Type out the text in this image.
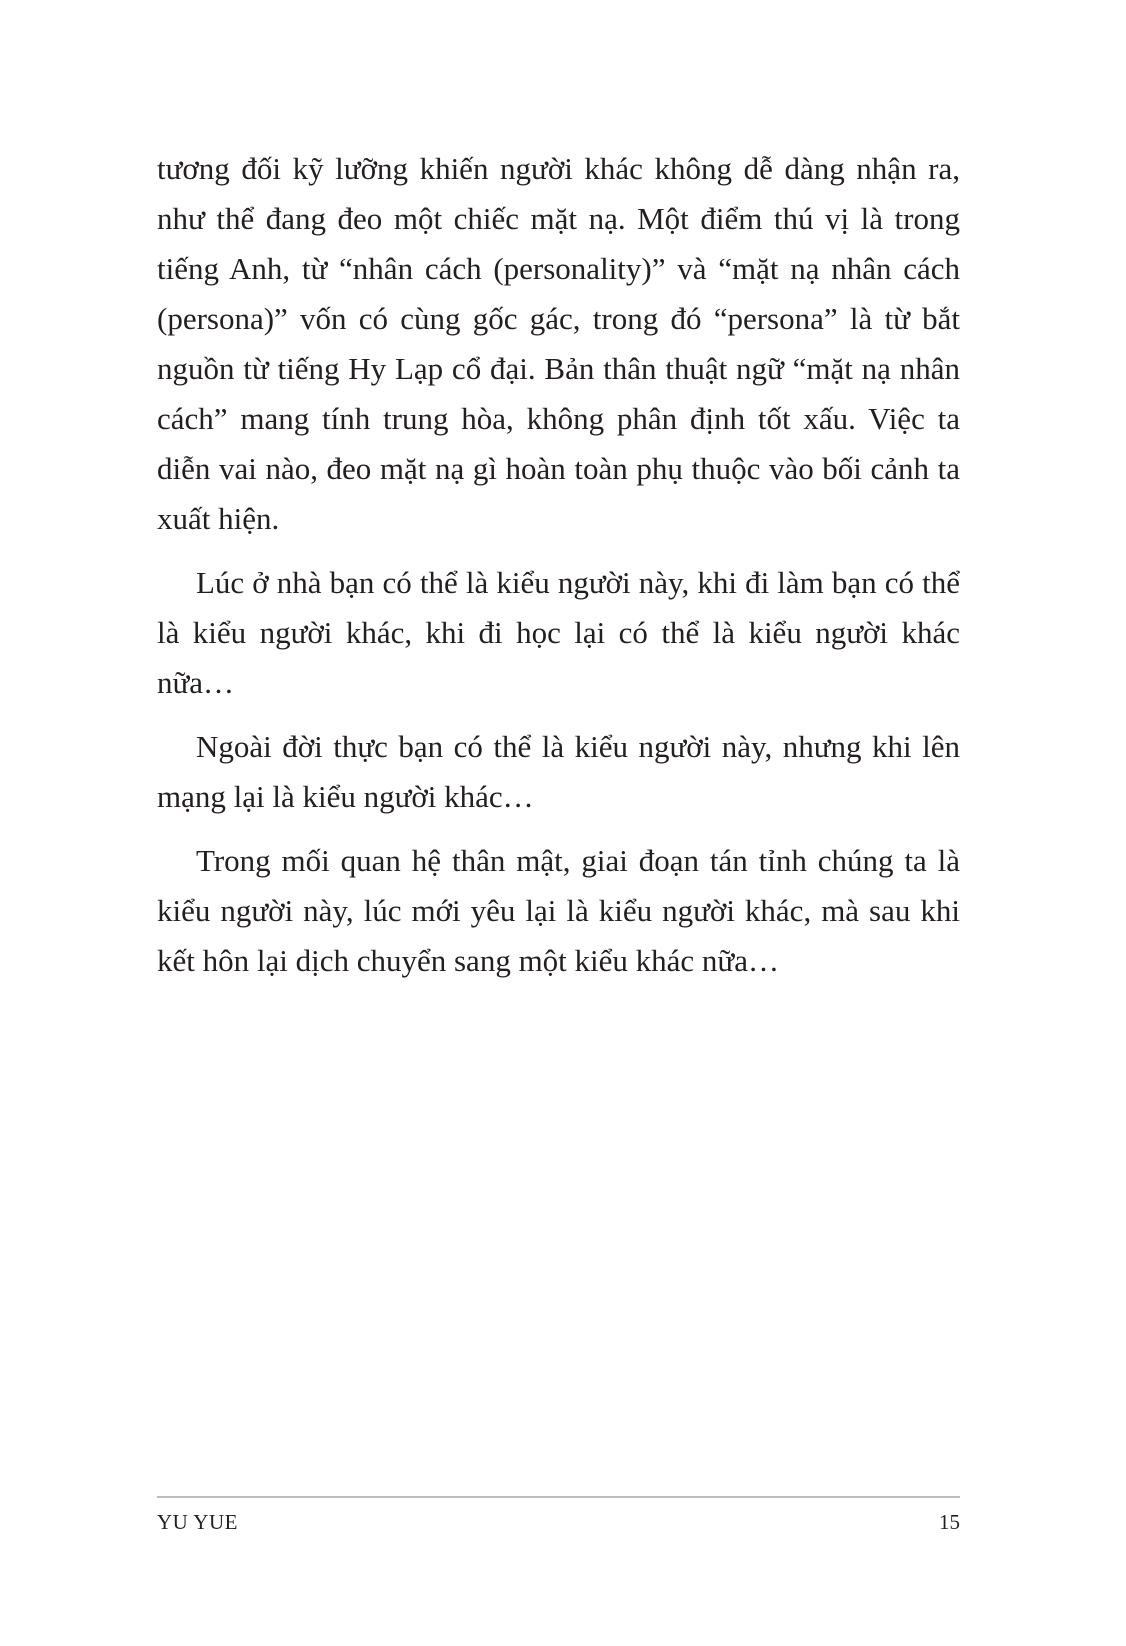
tương đối kỹ lưỡng khiến người khác không dễ dàng nhận ra, như thể đang đeo một chiếc mặt nạ. Một điểm thú vị là trong tiếng Anh, từ “nhân cách (personality)” và “mặt nạ nhân cách (persona)” vốn có cùng gốc gác, trong đó “persona” là từ bắt nguồn từ tiếng Hy Lạp cổ đại. Bản thân thuật ngữ “mặt nạ nhân cách” mang tính trung hòa, không phân định tốt xấu. Việc ta diễn vai nào, đeo mặt nạ gì hoàn toàn phụ thuộc vào bối cảnh ta xuất hiện.

Lúc ở nhà bạn có thể là kiểu người này, khi đi làm bạn có thể là kiểu người khác, khi đi học lại có thể là kiểu người khác nữa…

Ngoài đời thực bạn có thể là kiểu người này, nhưng khi lên mạng lại là kiểu người khác…

Trong mối quan hệ thân mật, giai đoạn tán tỉnh chúng ta là kiểu người này, lúc mới yêu lại là kiểu người khác, mà sau khi kết hôn lại dịch chuyển sang một kiểu khác nữa…

YU YUE	15
